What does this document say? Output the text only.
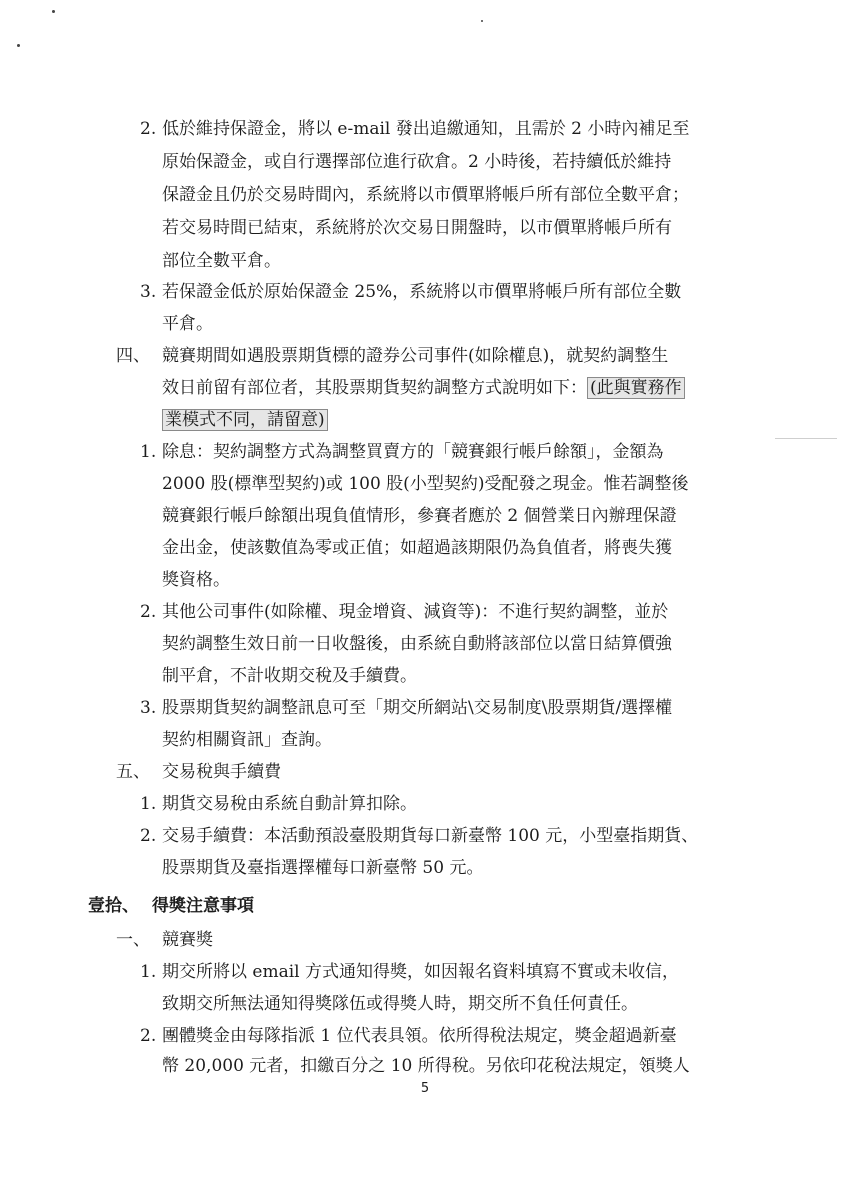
2. 低於維持保證金，將以 e-mail 發出追繳通知，且需於 2 小時內補足至
原始保證金，或自行選擇部位進行砍倉。2 小時後，若持續低於維持
保證金且仍於交易時間內，系統將以市價單將帳戶所有部位全數平倉；
若交易時間已結束，系統將於次交易日開盤時，以市價單將帳戶所有
部位全數平倉。
3. 若保證金低於原始保證金 25%，系統將以市價單將帳戶所有部位全數
平倉。
四、 競賽期間如遇股票期貨標的證券公司事件(如除權息)，就契約調整生
效日前留有部位者，其股票期貨契約調整方式說明如下： (此與實務作
業模式不同，請留意)
1. 除息：契約調整方式為調整買賣方的「競賽銀行帳戶餘額」，金額為
2000 股(標準型契約)或 100 股(小型契約)受配發之現金。惟若調整後
競賽銀行帳戶餘額出現負值情形，參賽者應於 2 個營業日內辦理保證
金出金，使該數值為零或正值；如超過該期限仍為負值者，將喪失獲
獎資格。
2. 其他公司事件(如除權、現金增資、減資等)：不進行契約調整，並於
契約調整生效日前一日收盤後，由系統自動將該部位以當日結算價強
制平倉，不計收期交稅及手續費。
3. 股票期貨契約調整訊息可至「期交所網站\交易制度\股票期貨/選擇權
契約相關資訊」查詢。
五、 交易稅與手續費
1. 期貨交易稅由系統自動計算扣除。
2. 交易手續費：本活動預設臺股期貨每口新臺幣 100 元，小型臺指期貨、
股票期貨及臺指選擇權每口新臺幣 50 元。
壹拾、 得獎注意事項
一、 競賽獎
1. 期交所將以 email 方式通知得獎，如因報名資料填寫不實或未收信，
致期交所無法通知得獎隊伍或得獎人時，期交所不負任何責任。
2. 團體獎金由每隊指派 1 位代表具領。依所得稅法規定，獎金超過新臺
幣 20,000 元者，扣繳百分之 10 所得稅。另依印花稅法規定，領獎人
5
